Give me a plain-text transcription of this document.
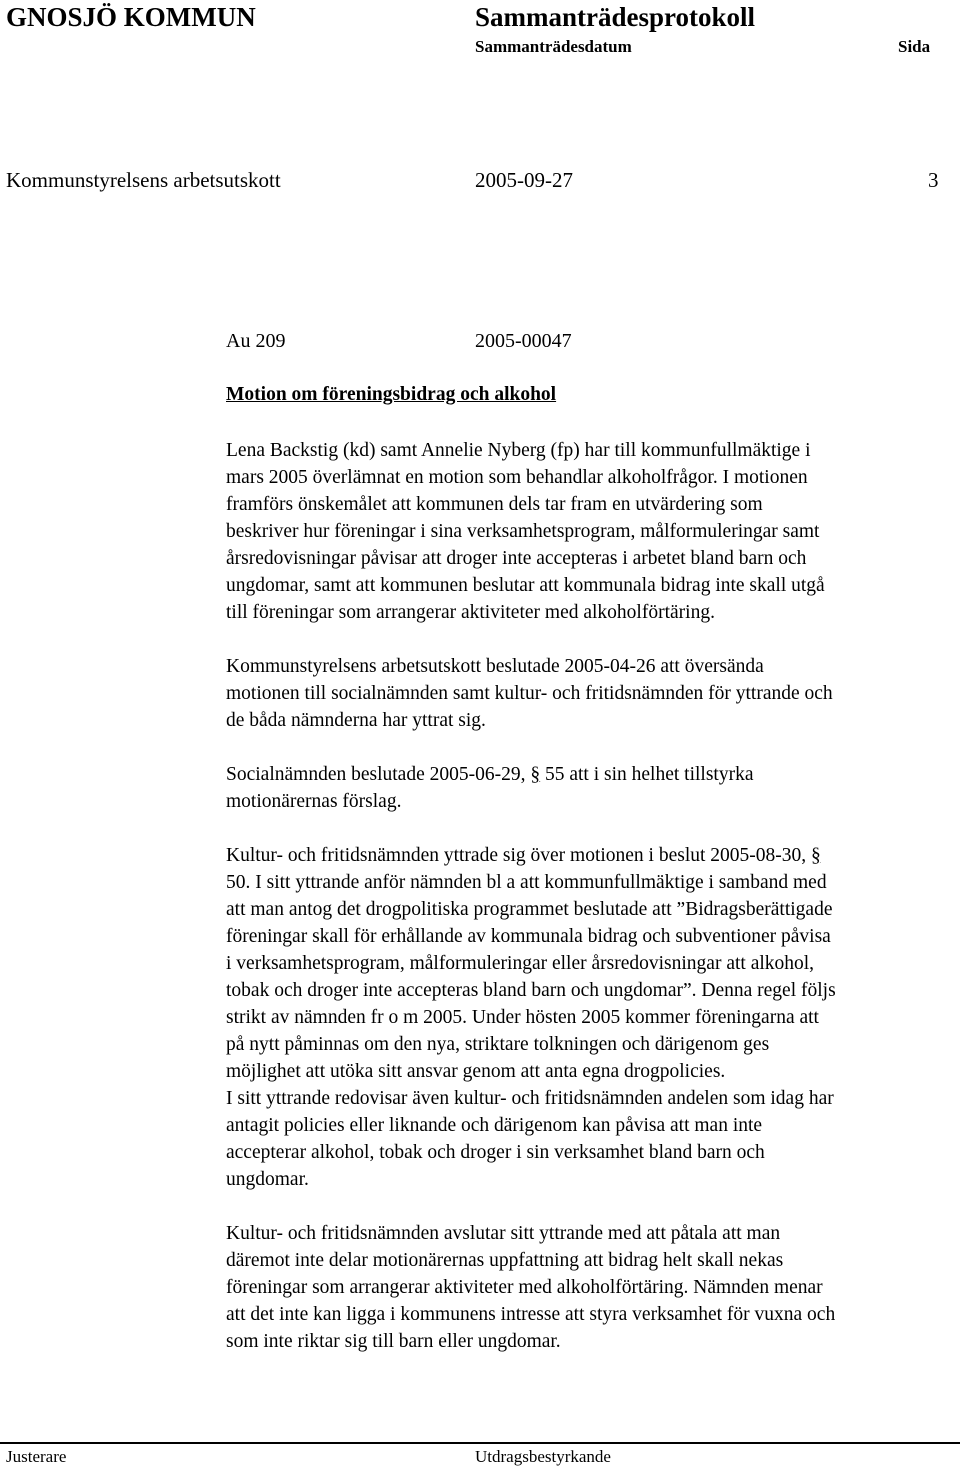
GNOSJÖ KOMMUN	Sammanträdesprotokoll
Sammanträdesdatum	Sida
Kommunstyrelsens arbetsutskott	2005-09-27	3
Au 209	2005-00047
Motion om föreningsbidrag och alkohol

Lena Backstig (kd) samt Annelie Nyberg (fp) har till kommunfullmäktige i
mars 2005 överlämnat en motion som behandlar alkoholfrågor. I motionen
framförs önskemålet att kommunen dels tar fram en utvärdering som
beskriver hur föreningar i sina verksamhetsprogram, målformuleringar samt
årsredovisningar påvisar att droger inte accepteras i arbetet bland barn och
ungdomar, samt att kommunen beslutar att kommunala bidrag inte skall utgå
till föreningar som arrangerar aktiviteter med alkoholförtäring.

Kommunstyrelsens arbetsutskott beslutade 2005-04-26 att översända
motionen till socialnämnden samt kultur- och fritidsnämnden för yttrande och
de båda nämnderna har yttrat sig.

Socialnämnden beslutade 2005-06-29, § 55 att i sin helhet tillstyrka
motionärernas förslag.

Kultur- och fritidsnämnden yttrade sig över motionen i beslut 2005-08-30, §
50. I sitt yttrande anför nämnden bl a att kommunfullmäktige i samband med
att man antog det drogpolitiska programmet beslutade att ”Bidragsberättigade
föreningar skall för erhållande av kommunala bidrag och subventioner påvisa
i verksamhetsprogram, målformuleringar eller årsredovisningar att alkohol,
tobak och droger inte accepteras bland barn och ungdomar”. Denna regel följs
strikt av nämnden fr o m 2005. Under hösten 2005 kommer föreningarna att
på nytt påminnas om den nya, striktare tolkningen och därigenom ges
möjlighet att utöka sitt ansvar genom att anta egna drogpolicies.
I sitt yttrande redovisar även kultur- och fritidsnämnden andelen som idag har
antagit policies eller liknande och därigenom kan påvisa att man inte
accepterar alkohol, tobak och droger i sin verksamhet bland barn och
ungdomar.

Kultur- och fritidsnämnden avslutar sitt yttrande med att påtala att man
däremot inte delar motionärernas uppfattning att bidrag helt skall nekas
föreningar som arrangerar aktiviteter med alkoholförtäring. Nämnden menar
att det inte kan ligga i kommunens intresse att styra verksamhet för vuxna och
som inte riktar sig till barn eller ungdomar.

Justerare	Utdragsbestyrkande
